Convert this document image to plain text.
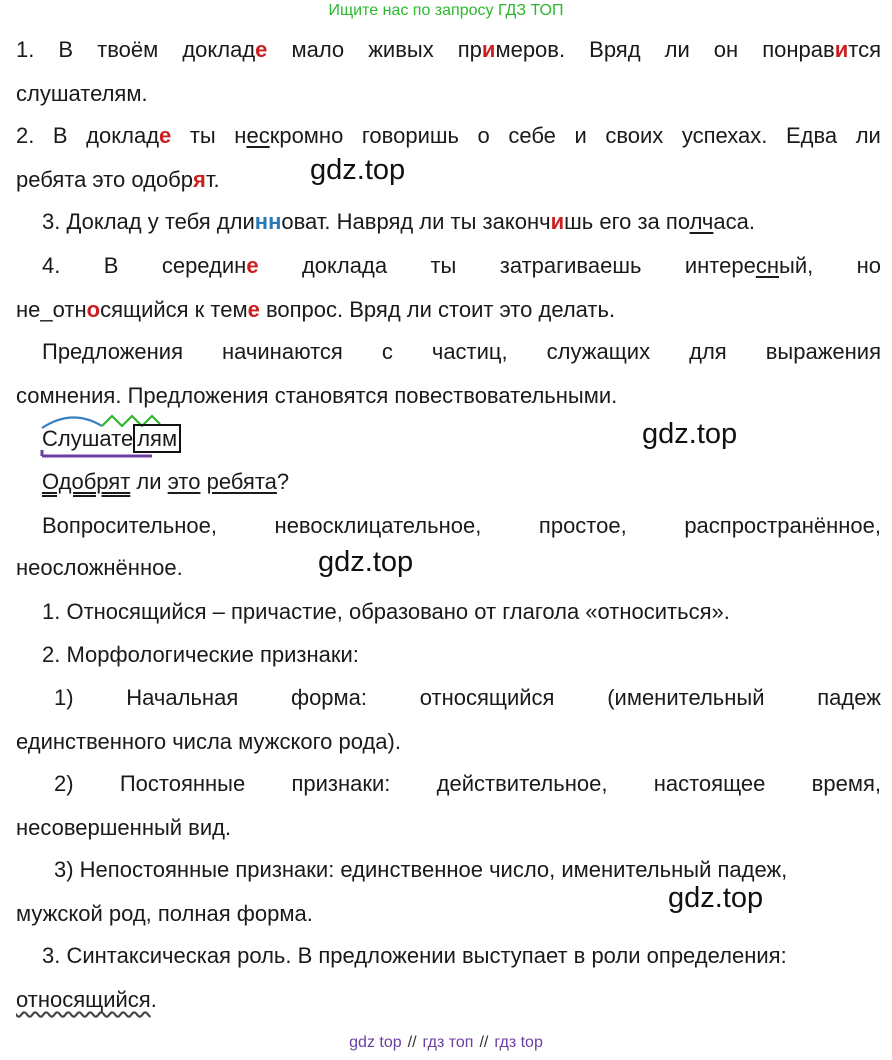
Ищите нас по запросу ГДЗ ТОП
1. В твоём докладе мало живых примеров. Вряд ли он понравится
слушателям.
2. В докладе ты нескромно говоришь о себе и своих успехах. Едва ли
ребята это одобрят.	gdz.top
3. Доклад у тебя длинноват. Навряд ли ты закончишь его за полчаса.
4. В середине доклада ты затрагиваешь интересный, но
не_относящийся к теме вопрос. Вряд ли стоит это делать.
Предложения начинаются с частиц, служащих для выражения
сомнения. Предложения становятся повествовательными.
Слушате лям	gdz.top
Одобрят ли это ребята?
Вопросительное,	невосклицательное,	простое,	распространённое,
неосложнённое.	gdz.top
1. Относящийся – причастие, образовано от глагола «относиться».
2. Морфологические признаки:
1) Начальная форма: относящийся (именительный падеж
единственного числа мужского рода).
2) Постоянные признаки: действительное, настоящее время,
несовершенный вид.
3) Непостоянные признаки: единственное число, именительный падеж,
мужской род, полная форма.	gdz.top
3. Синтаксическая роль. В предложении выступает в роли определения:
относящийся.
gdz top // гдз топ // гдз top
